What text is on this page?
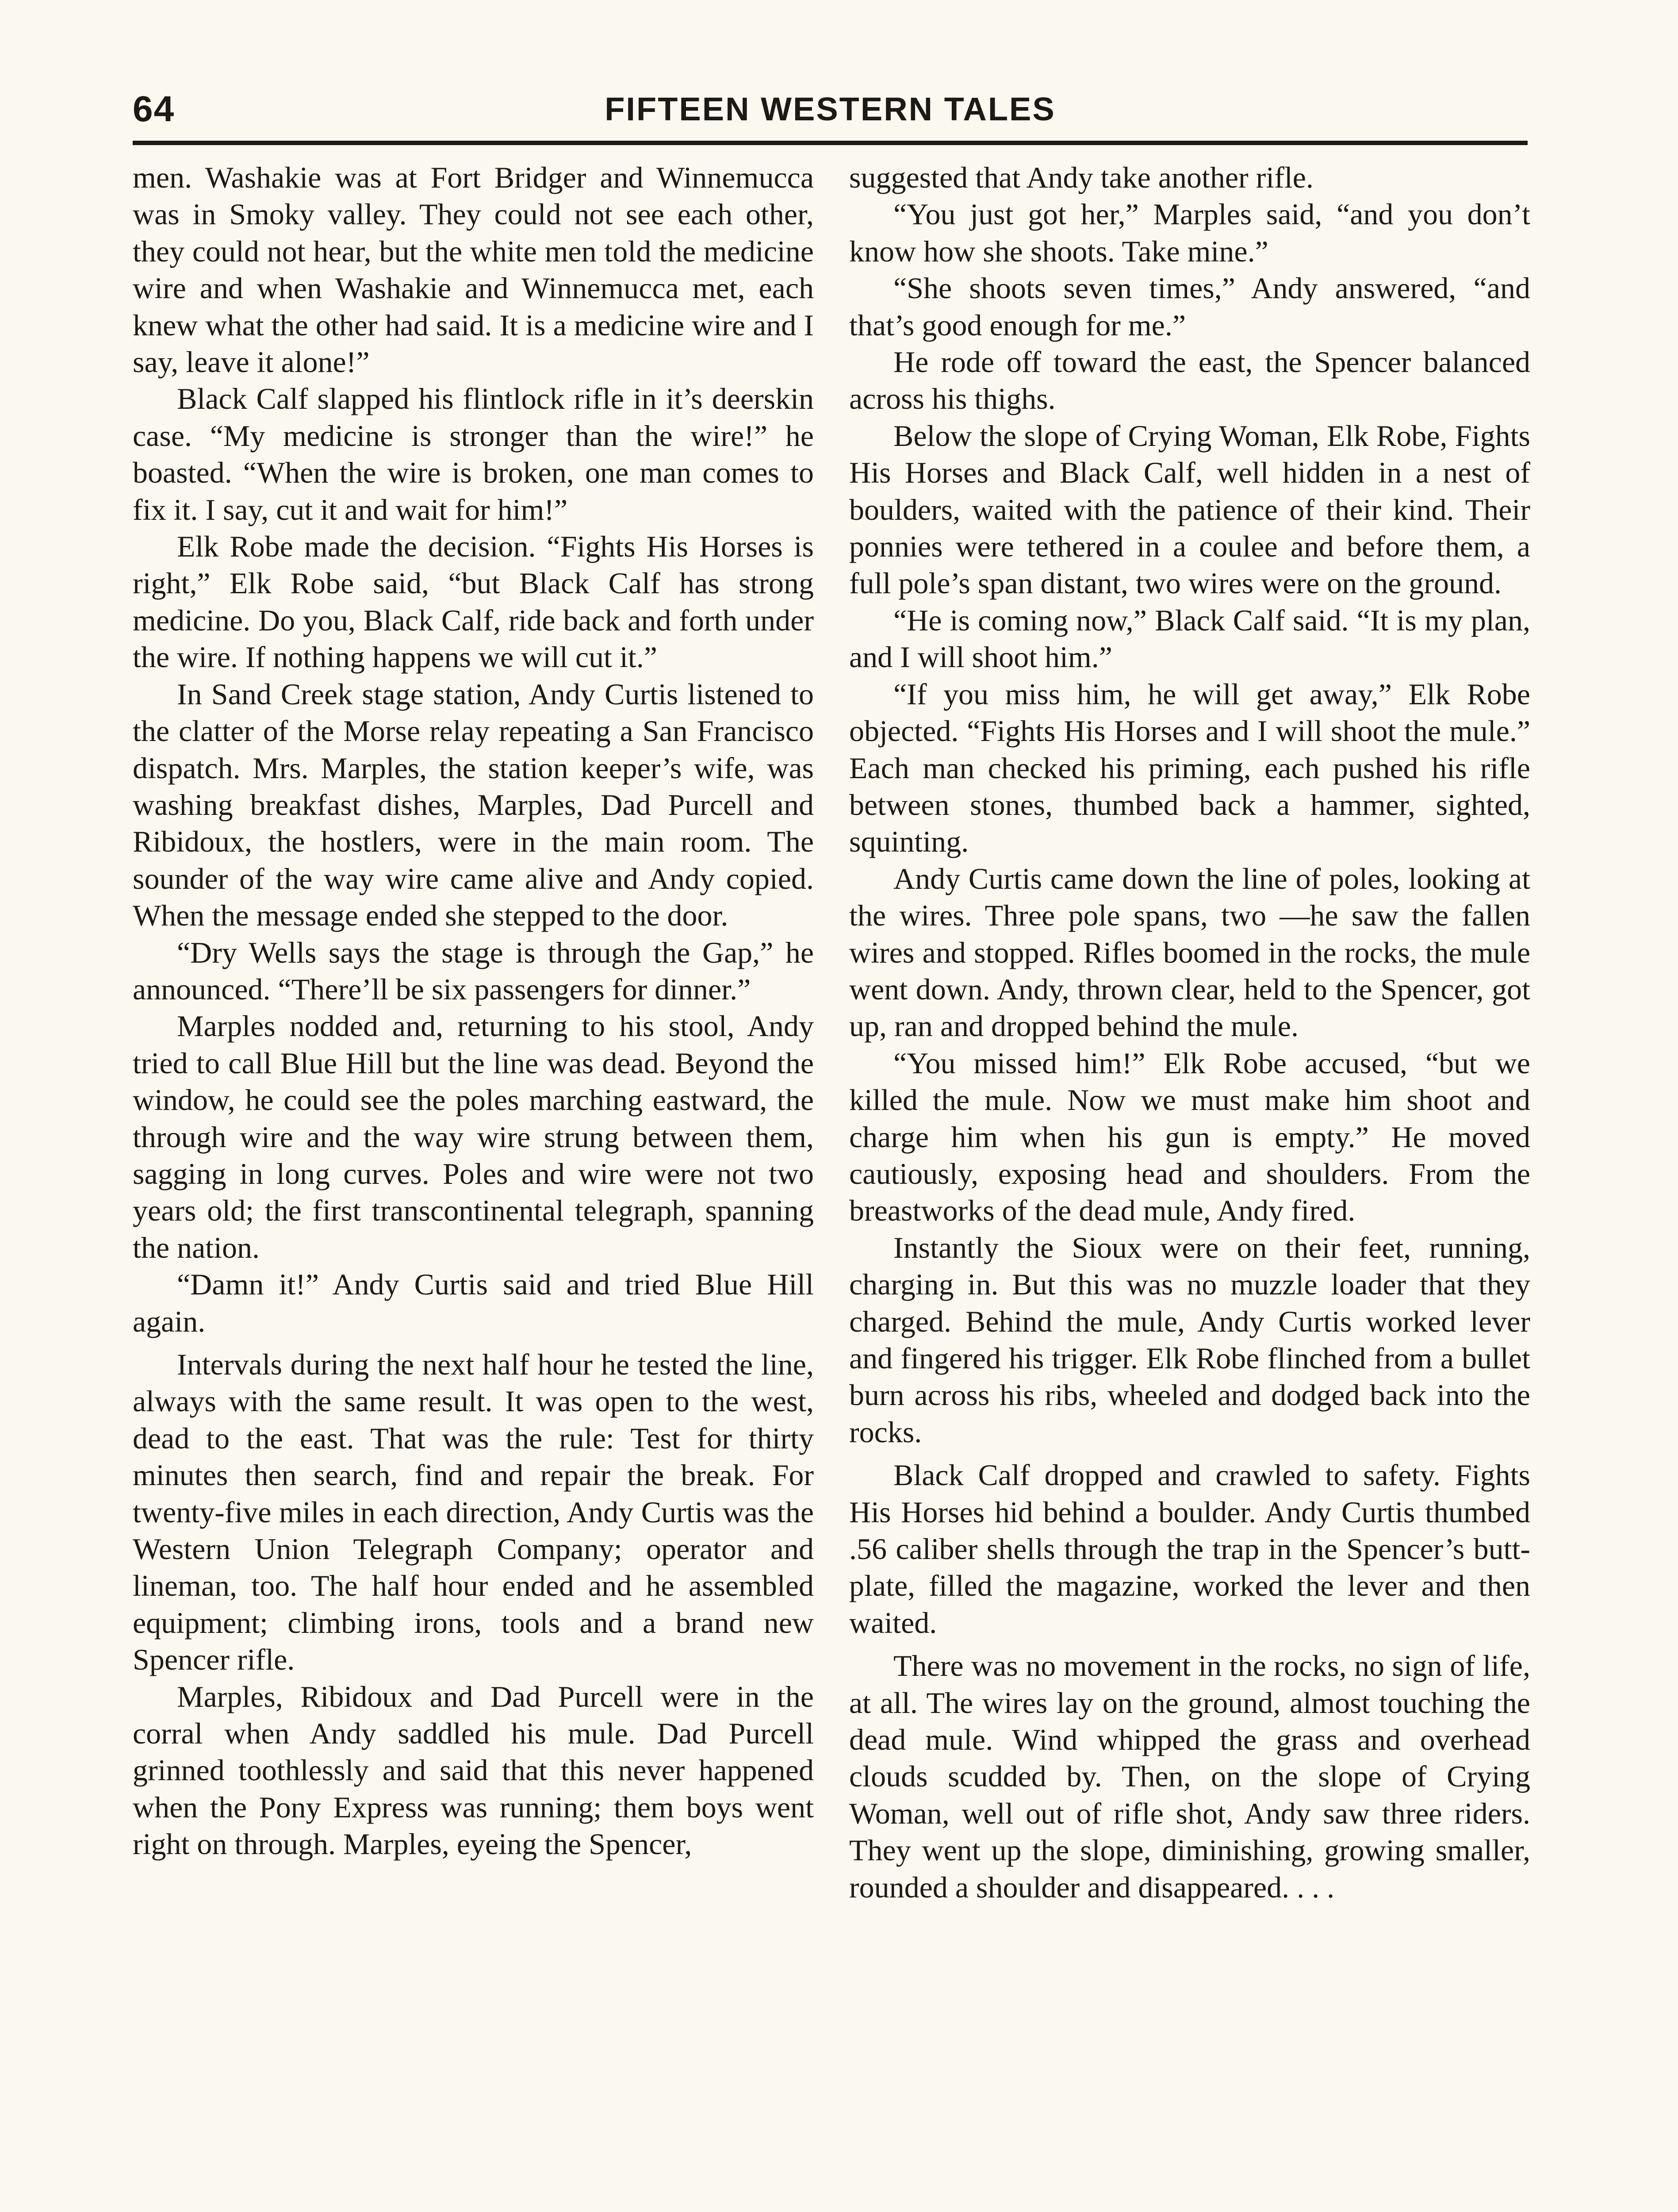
64	FIFTEEN WESTERN TALES

men. Washakie was at Fort Bridger and Winnemucca was in Smoky valley. They could not see each other, they could not hear, but the white men told the medicine wire and when Washakie and Winnemucca met, each knew what the other had said. It is a medicine wire and I say, leave it alone!”

Black Calf slapped his flintlock rifle in it’s deerskin case. “My medicine is stronger than the wire!” he boasted. “When the wire is broken, one man comes to fix it. I say, cut it and wait for him!”

Elk Robe made the decision. “Fights His Horses is right,” Elk Robe said, “but Black Calf has strong medicine. Do you, Black Calf, ride back and forth under the wire. If nothing happens we will cut it.”

In Sand Creek stage station, Andy Curtis listened to the clatter of the Morse relay repeating a San Francisco dispatch. Mrs. Marples, the station keeper’s wife, was washing breakfast dishes, Marples, Dad Purcell and Ribidoux, the hostlers, were in the main room. The sounder of the way wire came alive and Andy copied. When the message ended she stepped to the door.

“Dry Wells says the stage is through the Gap,” he announced. “There’ll be six passengers for dinner.”

Marples nodded and, returning to his stool, Andy tried to call Blue Hill but the line was dead. Beyond the window, he could see the poles marching eastward, the through wire and the way wire strung between them, sagging in long curves. Poles and wire were not two years old; the first transcontinental telegraph, spanning the nation.

“Damn it!” Andy Curtis said and tried Blue Hill again.

Intervals during the next half hour he tested the line, always with the same result. It was open to the west, dead to the east. That was the rule: Test for thirty minutes then search, find and repair the break. For twenty-five miles in each direction, Andy Curtis was the Western Union Telegraph Company; operator and lineman, too. The half hour ended and he assembled equipment; climbing irons, tools and a brand new Spencer rifle.

Marples, Ribidoux and Dad Purcell were in the corral when Andy saddled his mule. Dad Purcell grinned toothlessly and said that this never happened when the Pony Express was running; them boys went right on through. Marples, eyeing the Spencer,

suggested that Andy take another rifle.

“You just got her,” Marples said, “and you don’t know how she shoots. Take mine.”

“She shoots seven times,” Andy answered, “and that’s good enough for me.”

He rode off toward the east, the Spencer balanced across his thighs.

Below the slope of Crying Woman, Elk Robe, Fights His Horses and Black Calf, well hidden in a nest of boulders, waited with the patience of their kind. Their ponnies were tethered in a coulee and before them, a full pole’s span distant, two wires were on the ground.

“He is coming now,” Black Calf said. “It is my plan, and I will shoot him.”

“If you miss him, he will get away,” Elk Robe objected. “Fights His Horses and I will shoot the mule.” Each man checked his priming, each pushed his rifle between stones, thumbed back a hammer, sighted, squinting.

Andy Curtis came down the line of poles, looking at the wires. Three pole spans, two —he saw the fallen wires and stopped. Rifles boomed in the rocks, the mule went down. Andy, thrown clear, held to the Spencer, got up, ran and dropped behind the mule.

“You missed him!” Elk Robe accused, “but we killed the mule. Now we must make him shoot and charge him when his gun is empty.” He moved cautiously, exposing head and shoulders. From the breastworks of the dead mule, Andy fired.

Instantly the Sioux were on their feet, running, charging in. But this was no muzzle loader that they charged. Behind the mule, Andy Curtis worked lever and fingered his trigger. Elk Robe flinched from a bullet burn across his ribs, wheeled and dodged back into the rocks.

Black Calf dropped and crawled to safety. Fights His Horses hid behind a boulder. Andy Curtis thumbed .56 caliber shells through the trap in the Spencer’s butt-plate, filled the magazine, worked the lever and then waited.

There was no movement in the rocks, no sign of life, at all. The wires lay on the ground, almost touching the dead mule. Wind whipped the grass and overhead clouds scudded by. Then, on the slope of Crying Woman, well out of rifle shot, Andy saw three riders. They went up the slope, diminishing, growing smaller, rounded a shoulder and disappeared. . . .
